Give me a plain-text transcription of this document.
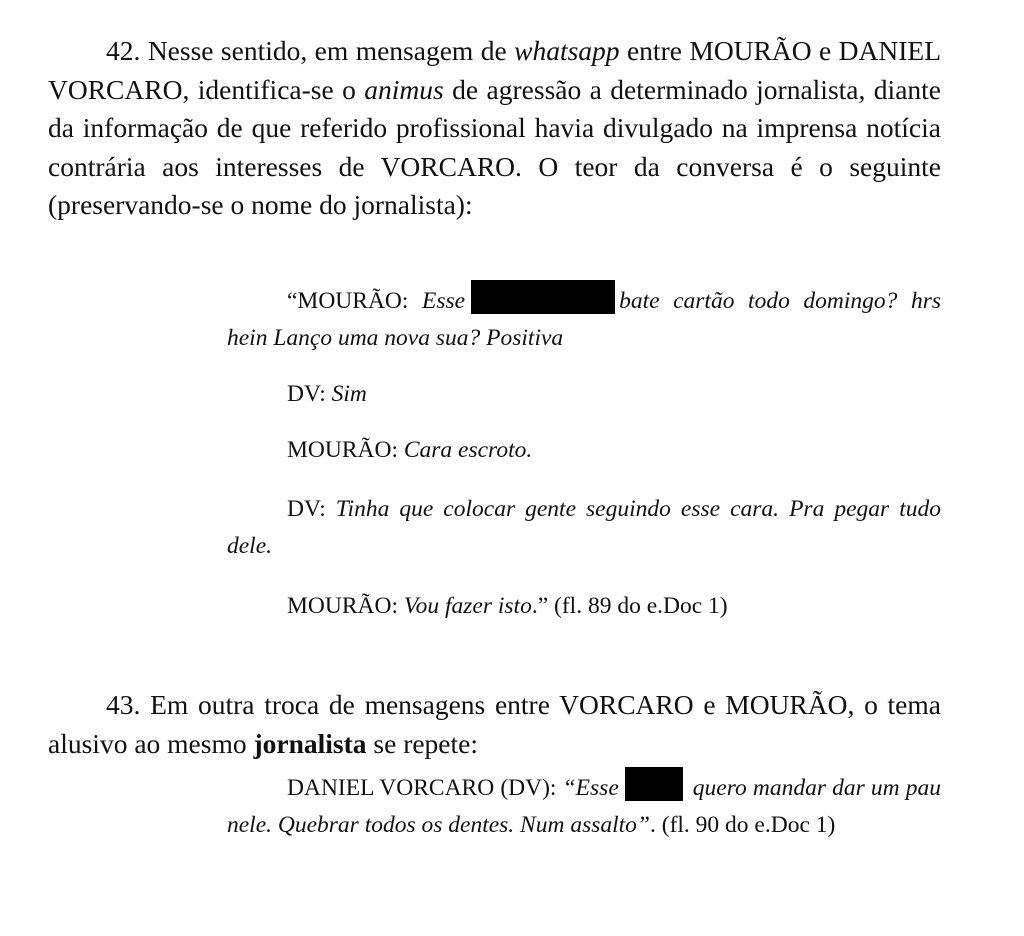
42. Nesse sentido, em mensagem de whatsapp entre MOURÃO e DANIEL VORCARO, identifica-se o animus de agressão a determinado jornalista, diante da informação de que referido profissional havia divulgado na imprensa notícia contrária aos interesses de VORCARO. O teor da conversa é o seguinte (preservando-se o nome do jornalista):

“MOURÃO: Esse	bate cartão todo domingo? hrs hein Lanço uma nova sua? Positiva

DV: Sim

MOURÃO: Cara escroto.

DV: Tinha que colocar gente seguindo esse cara. Pra pegar tudo dele.

MOURÃO: Vou fazer isto.” (fl. 89 do e.Doc 1)

43. Em outra troca de mensagens entre VORCARO e MOURÃO, o tema alusivo ao mesmo jornalista se repete:

DANIEL VORCARO (DV): “Esse	quero mandar dar um pau nele. Quebrar todos os dentes. Num assalto”. (fl. 90 do e.Doc 1)
